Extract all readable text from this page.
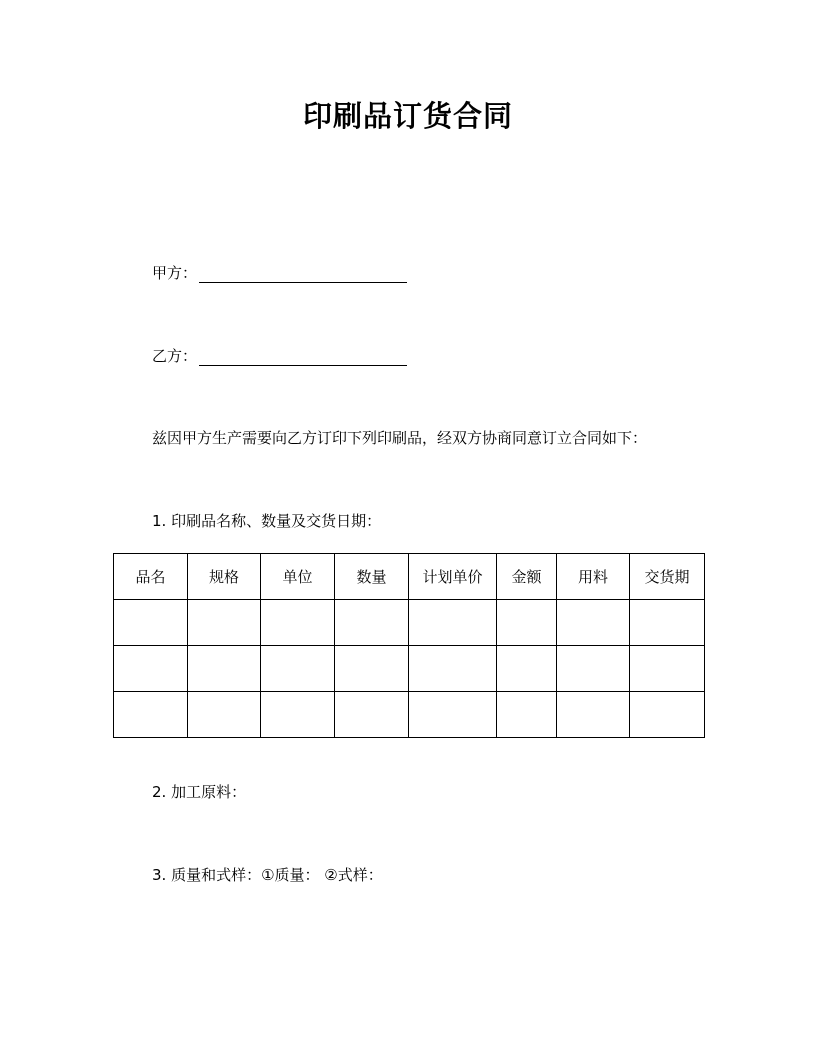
印刷品订货合同
甲方：
乙方：
兹因甲方生产需要向乙方订印下列印刷品，经双方协商同意订立合同如下：
1. 印刷品名称、数量及交货日期：
品名	规格	单位	数量	计划单价	金额	用料	交货期

2. 加工原料：
3. 质量和式样：①质量： ②式样：
